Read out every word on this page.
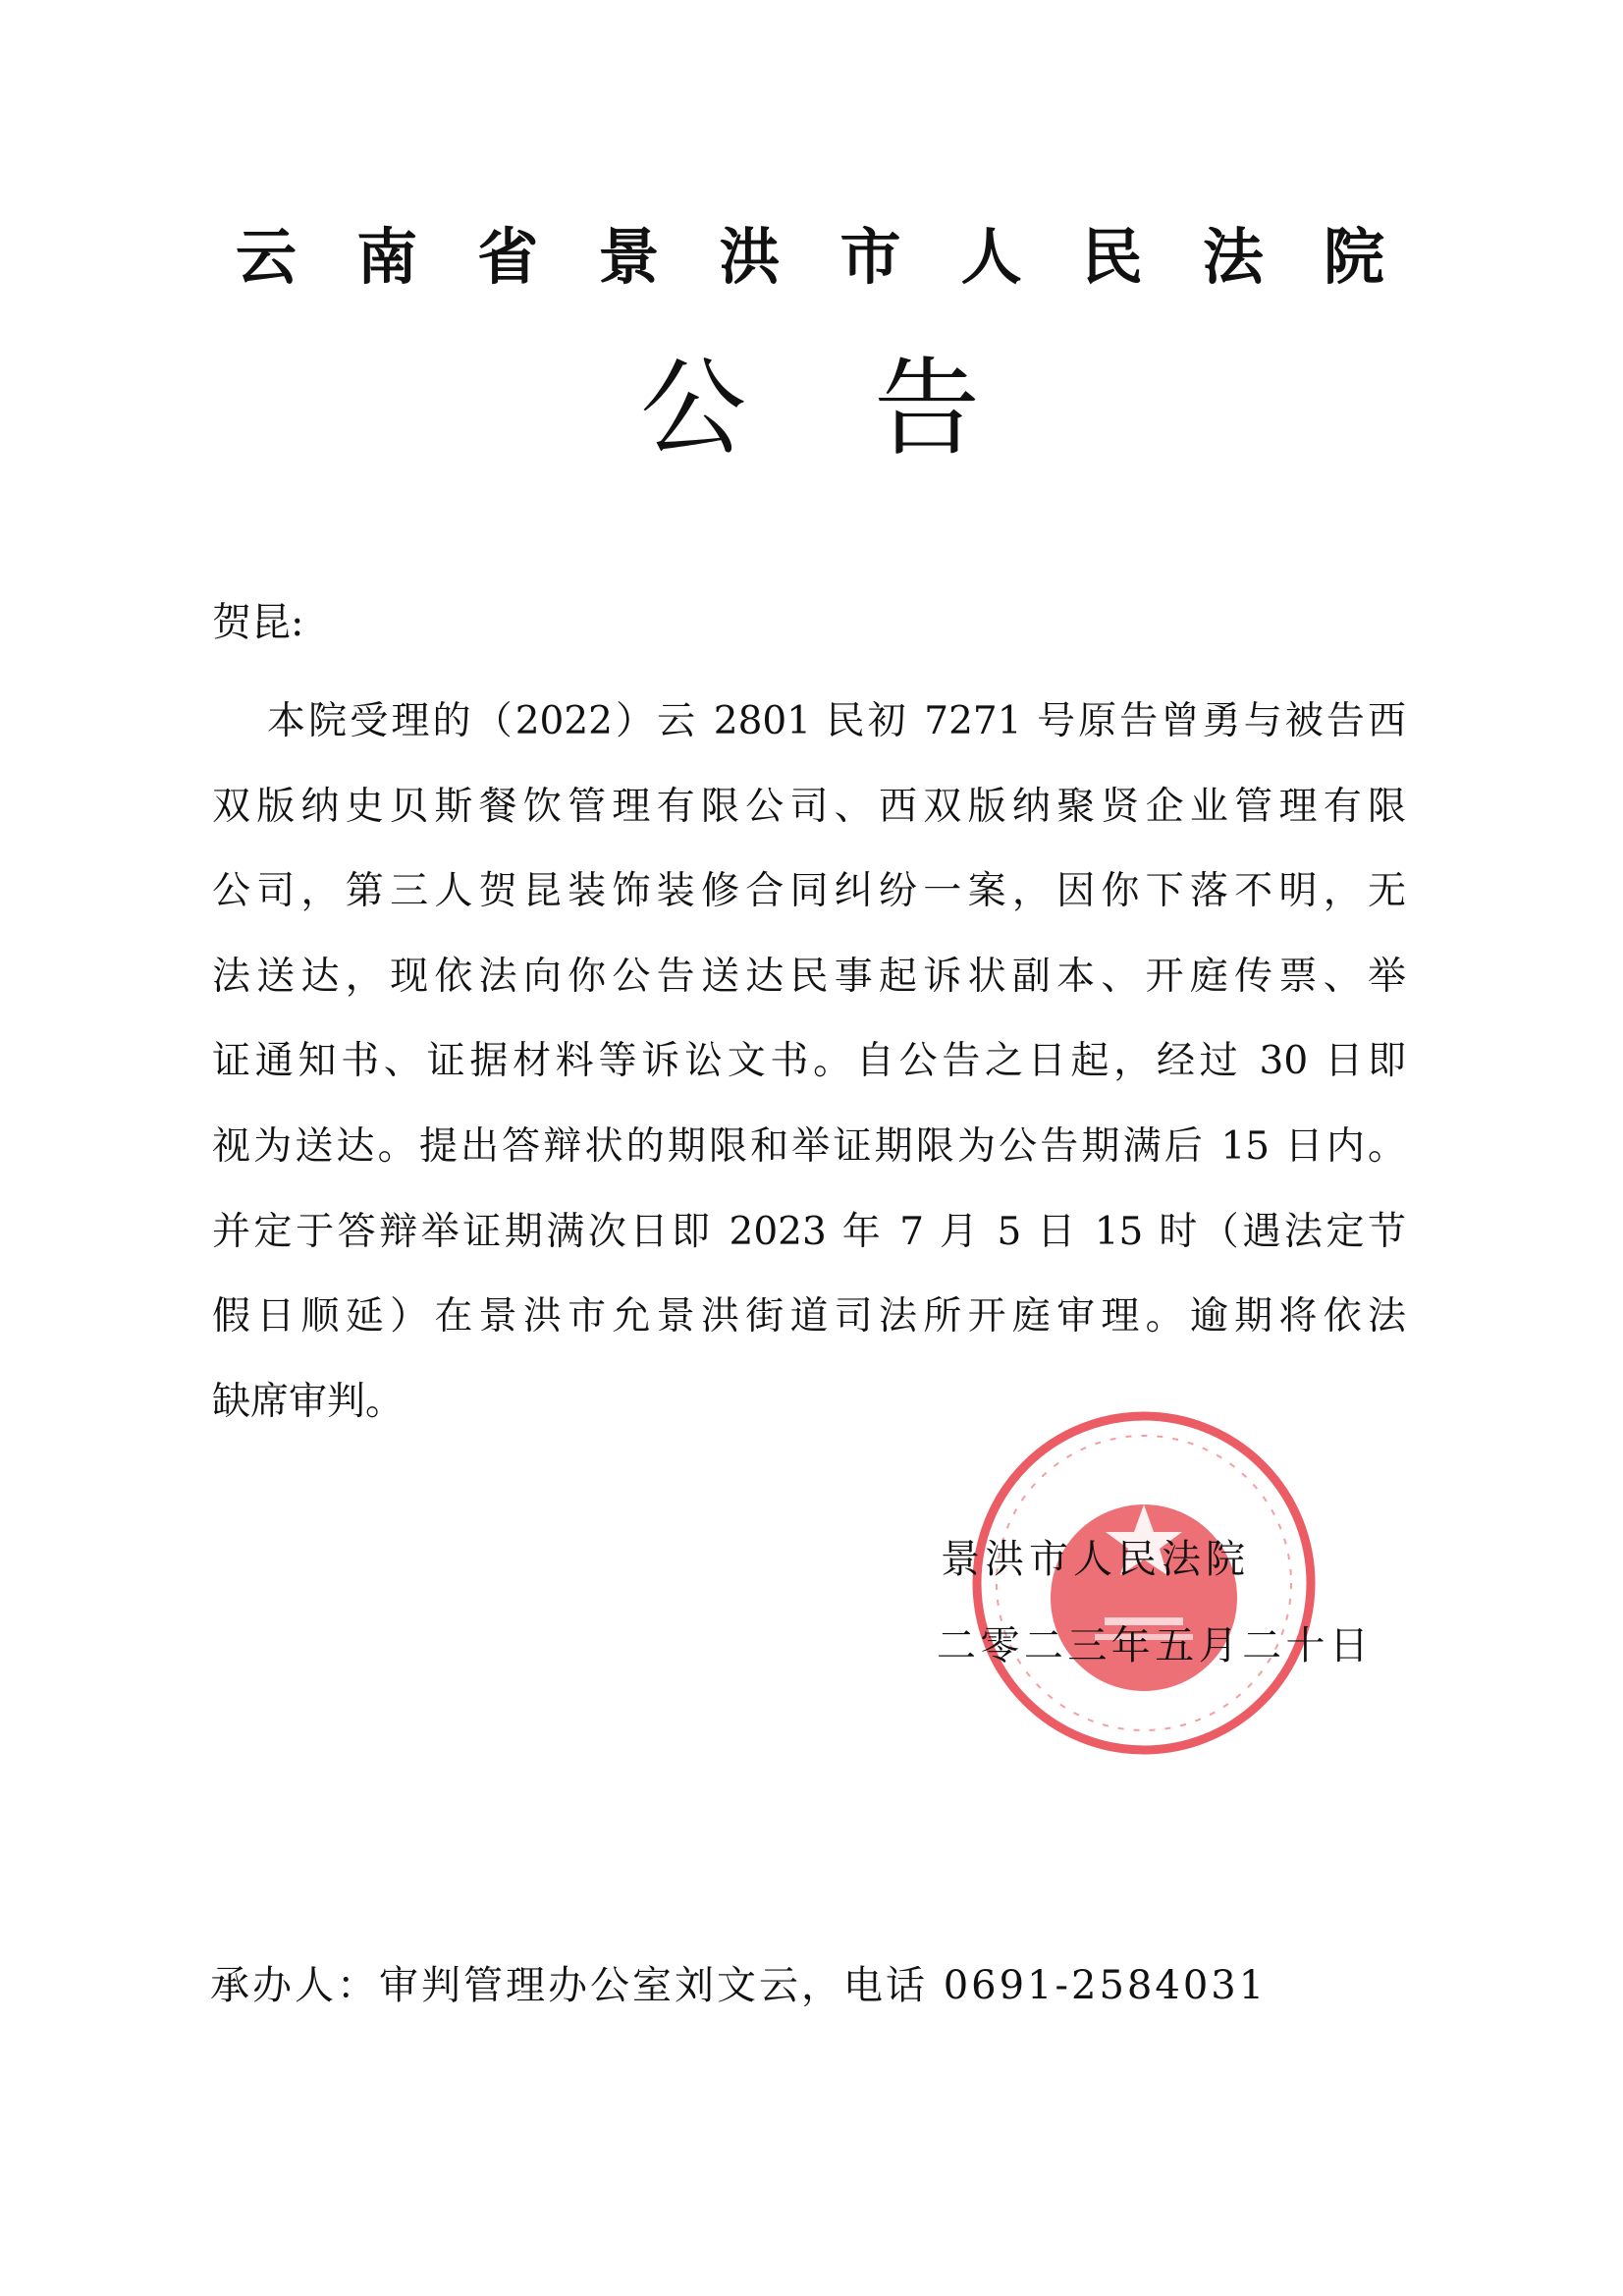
云 南 省 景 洪 市 人 民 法 院
公 告
贺昆:
本院受理的（2022）云 2801 民初 7271 号原告曾勇与被告西
双版纳史贝斯餐饮管理有限公司、西双版纳聚贤企业管理有限
公司，第三人贺昆装饰装修合同纠纷一案，因你下落不明，无
法送达，现依法向你公告送达民事起诉状副本、开庭传票、举
证通知书、证据材料等诉讼文书。自公告之日起，经过 30 日即
视为送达。提出答辩状的期限和举证期限为公告期满后 15 日内。
并定于答辩举证期满次日即 2023 年 7 月 5 日 15 时（遇法定节
假日顺延）在景洪市允景洪街道司法所开庭审理。逾期将依法
缺席审判。
景洪市人民法院
二零二三年五月二十日
承办人：审判管理办公室刘文云，电话 0691-2584031
